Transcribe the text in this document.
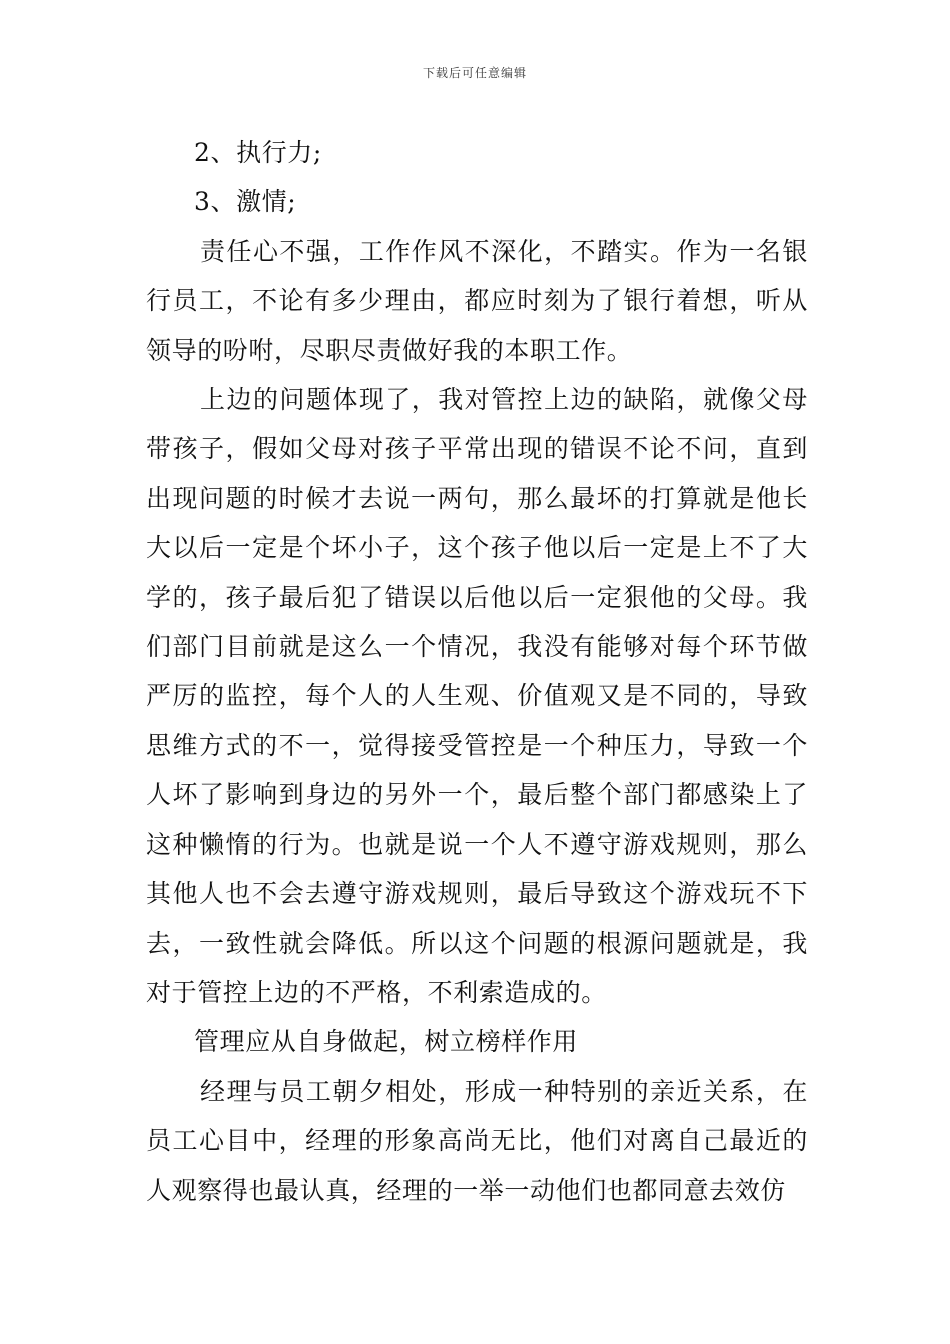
下载后可任意编辑

2、执行力;

3、激情;

责任心不强，工作作风不深化，不踏实。作为一名银行员工，不论有多少理由，都应时刻为了银行着想，听从领导的吩咐，尽职尽责做好我的本职工作。

上边的问题体现了，我对管控上边的缺陷，就像父母带孩子，假如父母对孩子平常出现的错误不论不问，直到出现问题的时候才去说一两句，那么最坏的打算就是他长大以后一定是个坏小子，这个孩子他以后一定是上不了大学的，孩子最后犯了错误以后他以后一定狠他的父母。我们部门目前就是这么一个情况，我没有能够对每个环节做严厉的监控，每个人的人生观、价值观又是不同的，导致思维方式的不一，觉得接受管控是一个种压力，导致一个人坏了影响到身边的另外一个，最后整个部门都感染上了这种懒惰的行为。也就是说一个人不遵守游戏规则，那么其他人也不会去遵守游戏规则，最后导致这个游戏玩不下去，一致性就会降低。所以这个问题的根源问题就是，我对于管控上边的不严格，不利索造成的。

管理应从自身做起，树立榜样作用

经理与员工朝夕相处，形成一种特别的亲近关系，在员工心目中，经理的形象高尚无比，他们对离自己最近的人观察得也最认真，经理的一举一动他们也都同意去效仿
